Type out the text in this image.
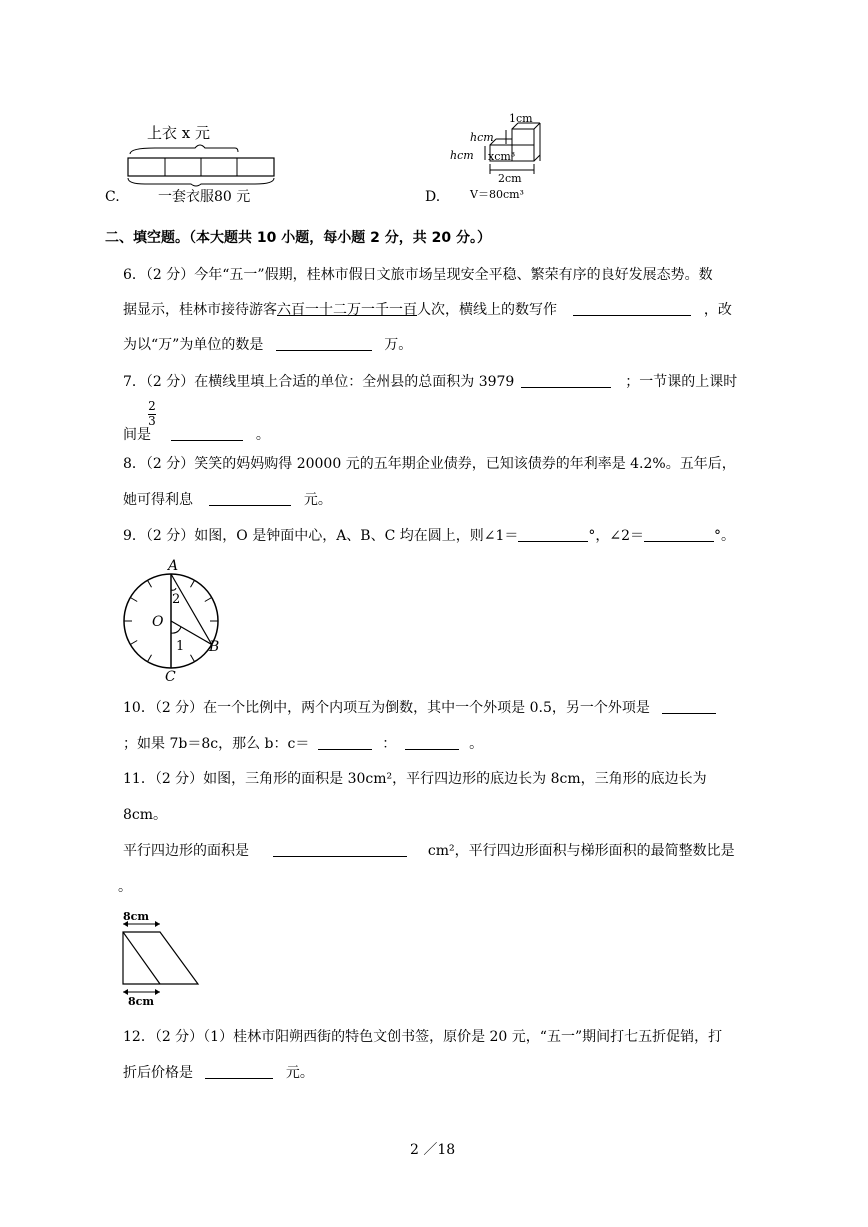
C.
上衣 x 元
一套衣服80 元	D.
1cm
hcm
hcm xcm³
2cm
V＝80cm³
二、填空题。（本大题共 10 小题，每小题 2 分，共 20 分。）
6．（2 分）今年“五一”假期，桂林市假日文旅市场呈现安全平稳、繁荣有序的良好发展态势。数
据显示，桂林市接待游客六百一十二万一千一百人次，横线上的数写作	，改
为以“万”为单位的数是	万。
7．（2 分）在横线里填上合适的单位：全州县的总面积为 3979	；一节课的上课时
2
3
间是	。
8．（2 分）笑笑的妈妈购得 20000 元的五年期企业债券，已知该债券的年利率是 4.2%。五年后，
她可得利息	元。
9．（2 分）如图，O 是钟面中心，A、B、C 均在圆上，则∠1＝	°，∠2＝	°。
A
O
B
C
1
2
10．（2 分）在一个比例中，两个内项互为倒数，其中一个外项是 0.5，另一个外项是
；如果 7b＝8c，那么 b：c＝	：	。
11．（2 分）如图，三角形的面积是 30cm²，平行四边形的底边长为 8cm，三角形的底边长为
8cm。
平行四边形的面积是	cm²，平行四边形面积与梯形面积的最简整数比是
。
8cm
8cm
12．（2 分）（1）桂林市阳朔西街的特色文创书签，原价是 20 元，“五一”期间打七五折促销，打
折后价格是	元。
2 ／18
